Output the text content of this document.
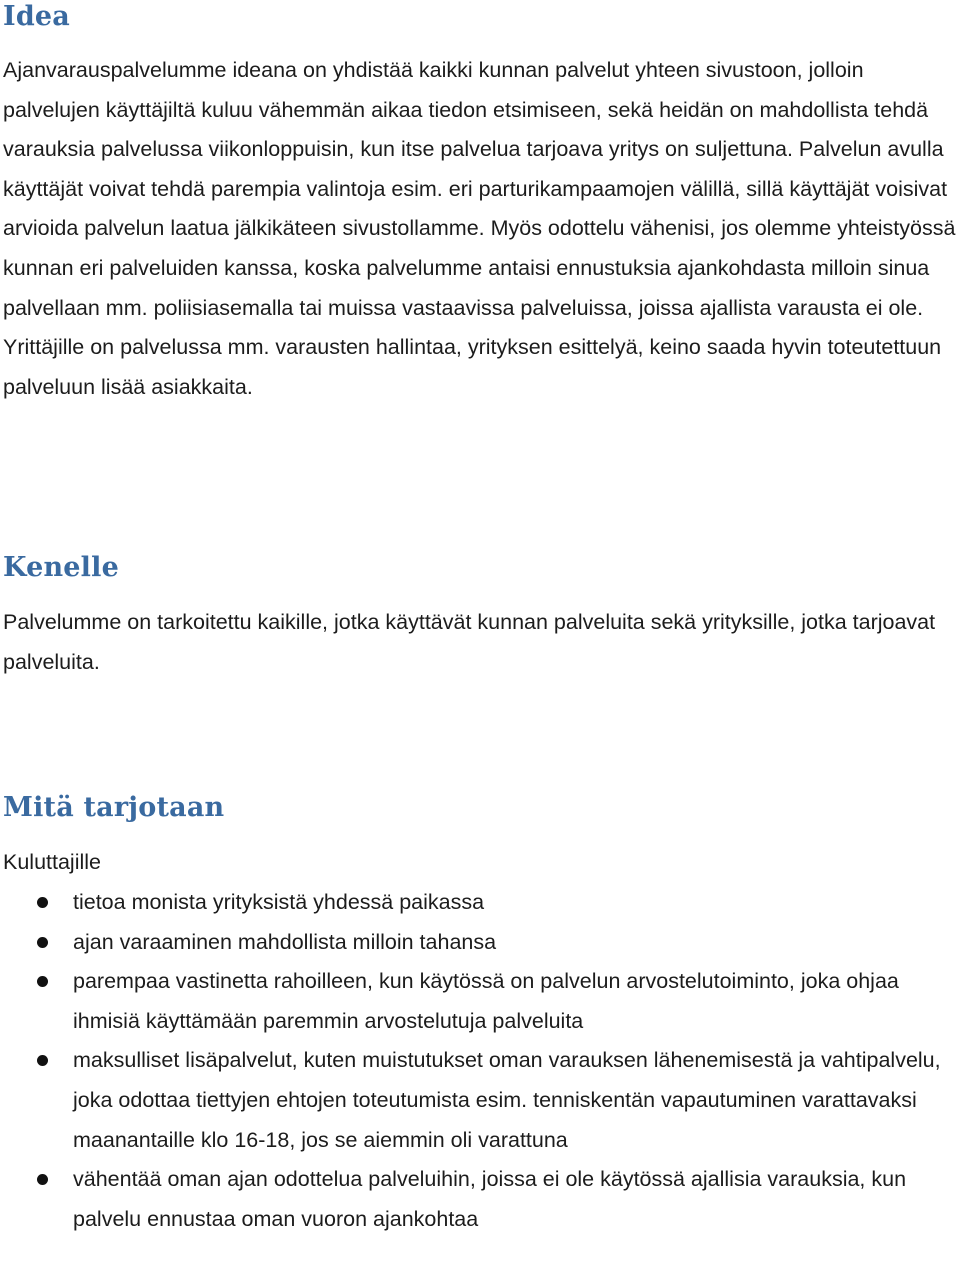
Idea

Ajanvarauspalvelumme ideana on yhdistää kaikki kunnan palvelut yhteen sivustoon, jolloin palvelujen käyttäjiltä kuluu vähemmän aikaa tiedon etsimiseen, sekä heidän on mahdollista tehdä varauksia palvelussa viikonloppuisin, kun itse palvelua tarjoava yritys on suljettuna. Palvelun avulla käyttäjät voivat tehdä parempia valintoja esim. eri parturikampaamojen välillä, sillä käyttäjät voisivat arvioida palvelun laatua jälkikäteen sivustollamme. Myös odottelu vähenisi, jos olemme yhteistyössä kunnan eri palveluiden kanssa, koska palvelumme antaisi ennustuksia ajankohdasta milloin sinua palvellaan mm. poliisiasemalla tai muissa vastaavissa palveluissa, joissa ajallista varausta ei ole. Yrittäjille on palvelussa mm. varausten hallintaa, yrityksen esittelyä, keino saada hyvin toteutettuun palveluun lisää asiakkaita.

Kenelle

Palvelumme on tarkoitettu kaikille, jotka käyttävät kunnan palveluita sekä yrityksille, jotka tarjoavat palveluita.

Mitä tarjotaan

Kuluttajille

tietoa monista yrityksistä yhdessä paikassa
ajan varaaminen mahdollista milloin tahansa
parempaa vastinetta rahoilleen, kun käytössä on palvelun arvostelutoiminto, joka ohjaa ihmisiä käyttämään paremmin arvostelutuja palveluita
maksulliset lisäpalvelut, kuten muistutukset oman varauksen lähenemisestä ja vahtipalvelu, joka odottaa tiettyjen ehtojen toteutumista esim. tenniskentän vapautuminen varattavaksi maanantaille klo 16-18, jos se aiemmin oli varattuna
vähentää oman ajan odottelua palveluihin, joissa ei ole käytössä ajallisia varauksia, kun palvelu ennustaa oman vuoron ajankohtaa
